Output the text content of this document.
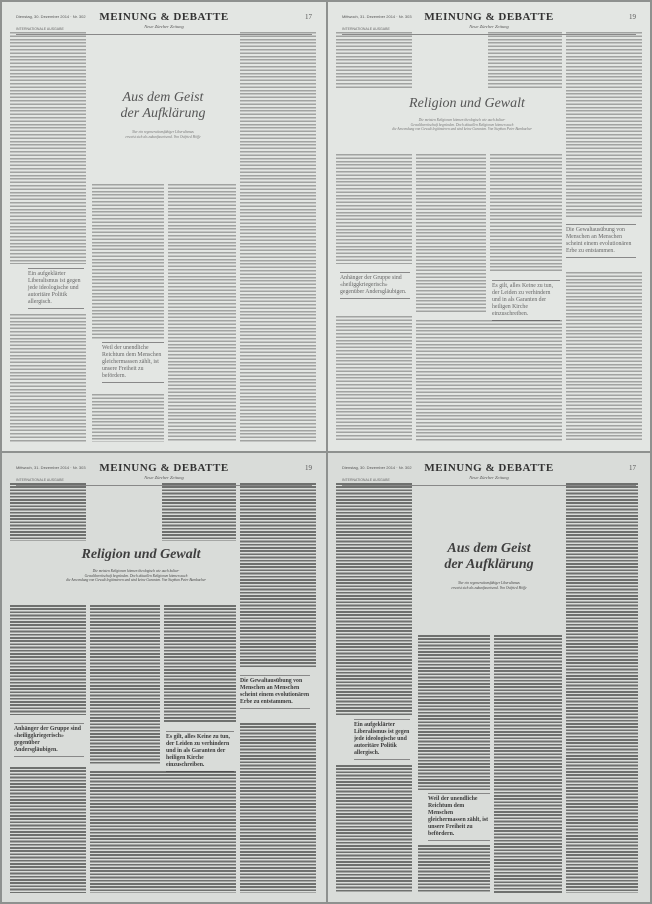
Dienstag, 30. Dezember 2014 · Nr. 302	MEINUNG & DEBATTE
Neue Zürcher Zeitung
INTERNATIONALE AUSGABE
17
Aus dem Geist
der Aufklärung
Nur ein regenerationsfähiger Liberalismus
erweist sich als zukunftsweisend. Von Ostfried Höffe
Ein aufgeklärter Liberalismus ist gegen jede ideologische und autoritäre Politik allergisch.
Weil der unendliche Reichtum dem Menschen gleichermassen zählt, ist unsere Freiheit zu befördern.
Mittwoch, 31. Dezember 2014 · Nr. 303	MEINUNG & DEBATTE
Neue Zürcher Zeitung
INTERNATIONALE AUSGABE
19
Religion und Gewalt
Die meisten Religionen können theologisch wie auch kultur-
Gewaltbereitschaft begründen. Doch aktuellen Religionen können auch
die Anwendung von Gewalt legitimieren und sind keine Garanten. Von Stephan Peter Bumbacher
Die Gewaltausübung von Menschen an Menschen scheint einem evolutionären Erbe zu entstammen.
Anhänger der Gruppe sind «heiliggkriegerisch» gegenüber Andersgläubigen.
Es gilt, alles Keine zu tun, der Leiden zu verhindern und in als Garanten der heiligen Kirche einzuschreiben.
Mittwoch, 31. Dezember 2014 · Nr. 303	MEINUNG & DEBATTE
Neue Zürcher Zeitung
INTERNATIONALE AUSGABE
19
Religion und Gewalt
Die meisten Religionen können theologisch wie auch kultur-
Gewaltbereitschaft begründen. Doch aktuellen Religionen können auch
die Anwendung von Gewalt legitimieren und sind keine Garanten. Von Stephan Peter Bumbacher
Die Gewaltausübung von Menschen an Menschen scheint einem evolutionären Erbe zu entstammen.
Anhänger der Gruppe sind «heiliggkriegerisch» gegenüber Andersgläubigen.
Es gilt, alles Keine zu tun, der Leiden zu verhindern und in als Garanten der heiligen Kirche einzuschreiben.
Dienstag, 30. Dezember 2014 · Nr. 302	MEINUNG & DEBATTE
Neue Zürcher Zeitung
INTERNATIONALE AUSGABE
17
Aus dem Geist
der Aufklärung
Nur ein regenerationsfähiger Liberalismus
erweist sich als zukunftsweisend. Von Ostfried Höffe
Ein aufgeklärter Liberalismus ist gegen jede ideologische und autoritäre Politik allergisch.
Weil der unendliche Reichtum dem Menschen gleichermassen zählt, ist unsere Freiheit zu befördern.
